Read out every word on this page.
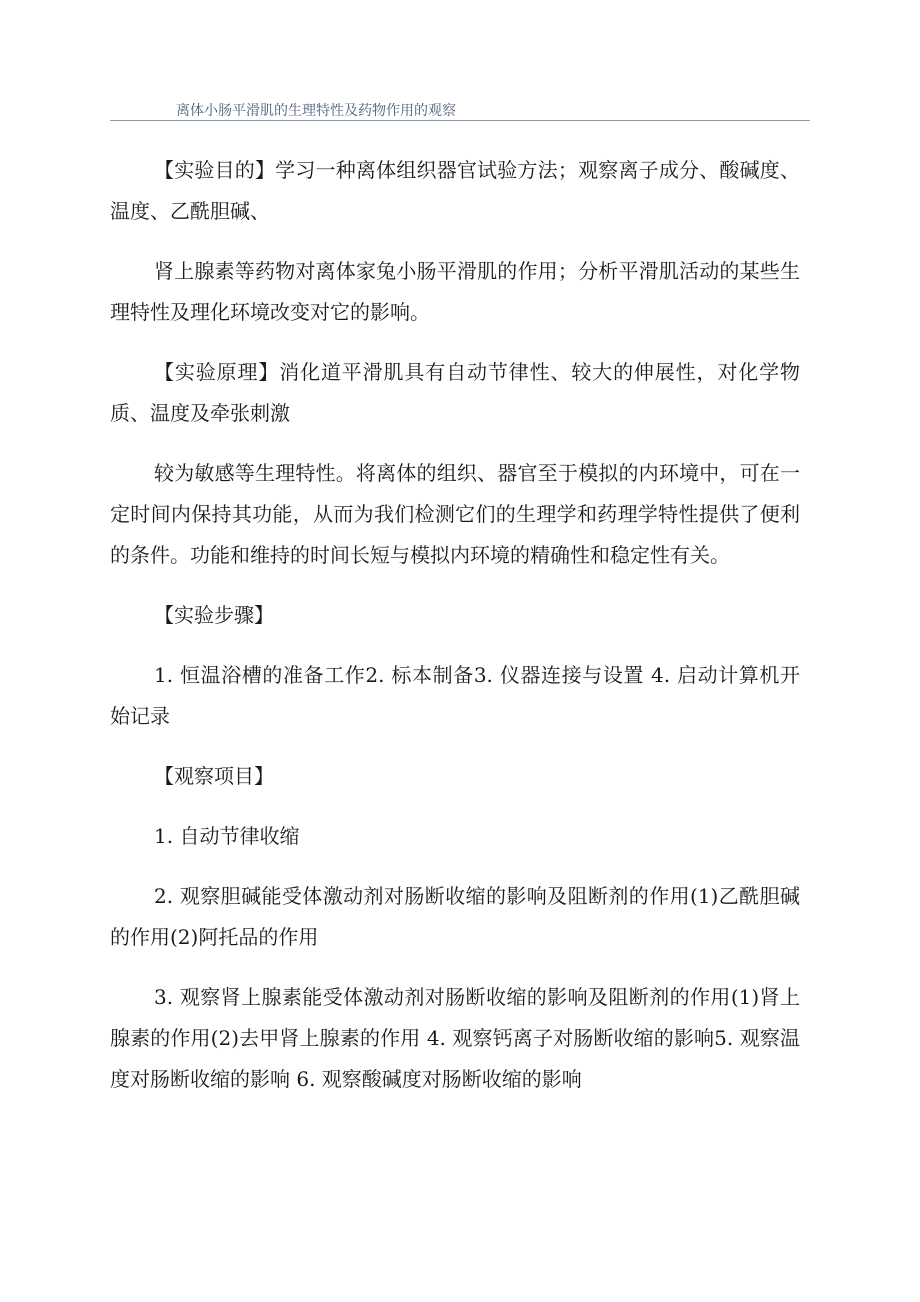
离体小肠平滑肌的生理特性及药物作用的观察

【实验目的】学习一种离体组织器官试验方法；观察离子成分、酸碱度、温度、乙酰胆碱、

肾上腺素等药物对离体家兔小肠平滑肌的作用；分析平滑肌活动的某些生理特性及理化环境改变对它的影响。

【实验原理】消化道平滑肌具有自动节律性、较大的伸展性，对化学物质、温度及牵张刺激

较为敏感等生理特性。将离体的组织、器官至于模拟的内环境中，可在一定时间内保持其功能，从而为我们检测它们的生理学和药理学特性提供了便利的条件。功能和维持的时间长短与模拟内环境的精确性和稳定性有关。

【实验步骤】

1. 恒温浴槽的准备工作2. 标本制备3. 仪器连接与设置 4. 启动计算机开始记录

【观察项目】

1. 自动节律收缩

2. 观察胆碱能受体激动剂对肠断收缩的影响及阻断剂的作用(1)乙酰胆碱的作用(2)阿托品的作用

3. 观察肾上腺素能受体激动剂对肠断收缩的影响及阻断剂的作用(1)肾上腺素的作用(2)去甲肾上腺素的作用 4. 观察钙离子对肠断收缩的影响5. 观察温度对肠断收缩的影响 6. 观察酸碱度对肠断收缩的影响
